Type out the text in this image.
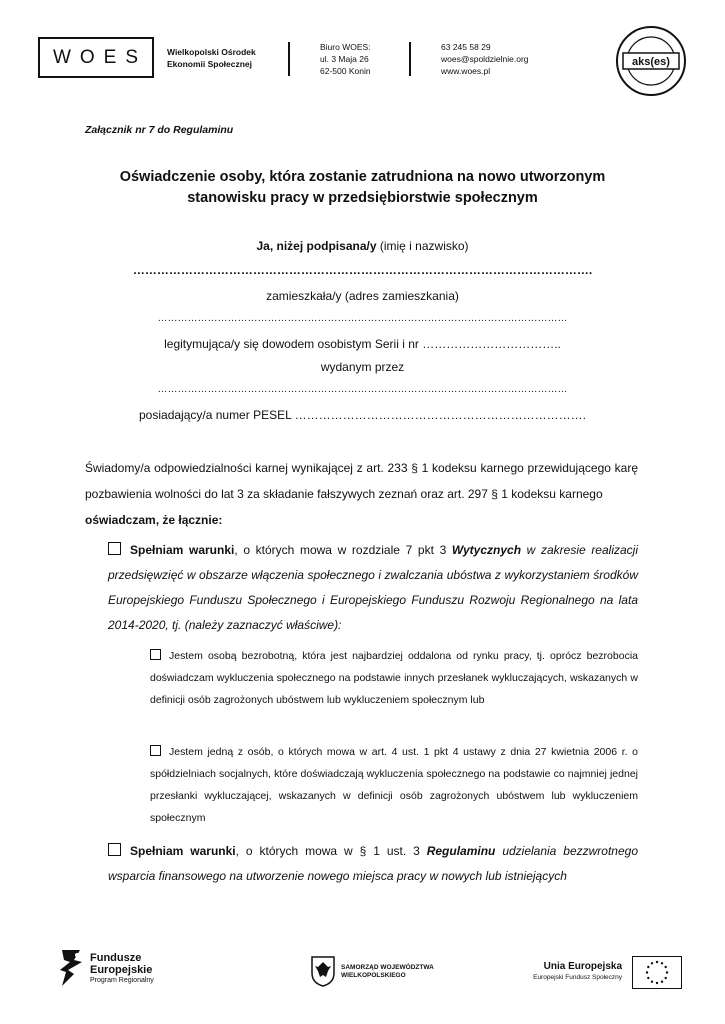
WOES Wielkopolski Ośrodek
Ekonomii Społecznej
Biuro WOES:
ul. 3 Maja 26
62-500 Konin
63 245 58 29
woes@spoldzielnie.org
www.woes.pl
aks(es)
Załącznik nr 7 do Regulaminu
Oświadczenie osoby, która zostanie zatrudniona na nowo utworzonym
stanowisku pracy w przedsiębiorstwie społecznym
Ja, niżej podpisana/y (imię i nazwisko)
…………………………………………………………………………………………………….
zamieszkała/y (adres zamieszkania)
……………………………………………………………………………………………………………
legitymująca/y się dowodem osobistym Serii i nr ……………………………..
wydanym przez
……………………………………………………………………………………………………………
posiadający/a numer PESEL ……………………………………………………………….
Świadomy/a odpowiedzialności karnej wynikającej z art. 233 § 1 kodeksu karnego przewidującego karę pozbawienia wolności do lat 3 za składanie fałszywych zeznań oraz art. 297 § 1 kodeksu karnego
oświadczam, że łącznie:
Spełniam warunki, o których mowa w rozdziale 7 pkt 3 Wytycznych w zakresie realizacji przedsięwzięć w obszarze włączenia społecznego i zwalczania ubóstwa z wykorzystaniem środków Europejskiego Funduszu Społecznego i Europejskiego Funduszu Rozwoju Regionalnego na lata 2014-2020, tj. (należy zaznaczyć właściwe):
Jestem osobą bezrobotną, która jest najbardziej oddalona od rynku pracy, tj. oprócz bezrobocia doświadczam wykluczenia społecznego na podstawie innych przesłanek wykluczających, wskazanych w definicji osób zagrożonych ubóstwem lub wykluczeniem społecznym lub
Jestem jedną z osób, o których mowa w art. 4 ust. 1 pkt 4 ustawy z dnia 27 kwietnia 2006 r. o spółdzielniach socjalnych, które doświadczają wykluczenia społecznego na podstawie co najmniej jednej przesłanki wykluczającej, wskazanych w definicji osób zagrożonych ubóstwem lub wykluczeniem społecznym
Spełniam warunki, o których mowa w § 1 ust. 3 Regulaminu udzielania bezzwrotnego wsparcia finansowego na utworzenie nowego miejsca pracy w nowych lub istniejących
Fundusze
Europejskie
Program Regionalny
SAMORZĄD WOJEWÓDZTWA
WIELKOPOLSKIEGO
Unia Europejska
Europejski Fundusz Społeczny
